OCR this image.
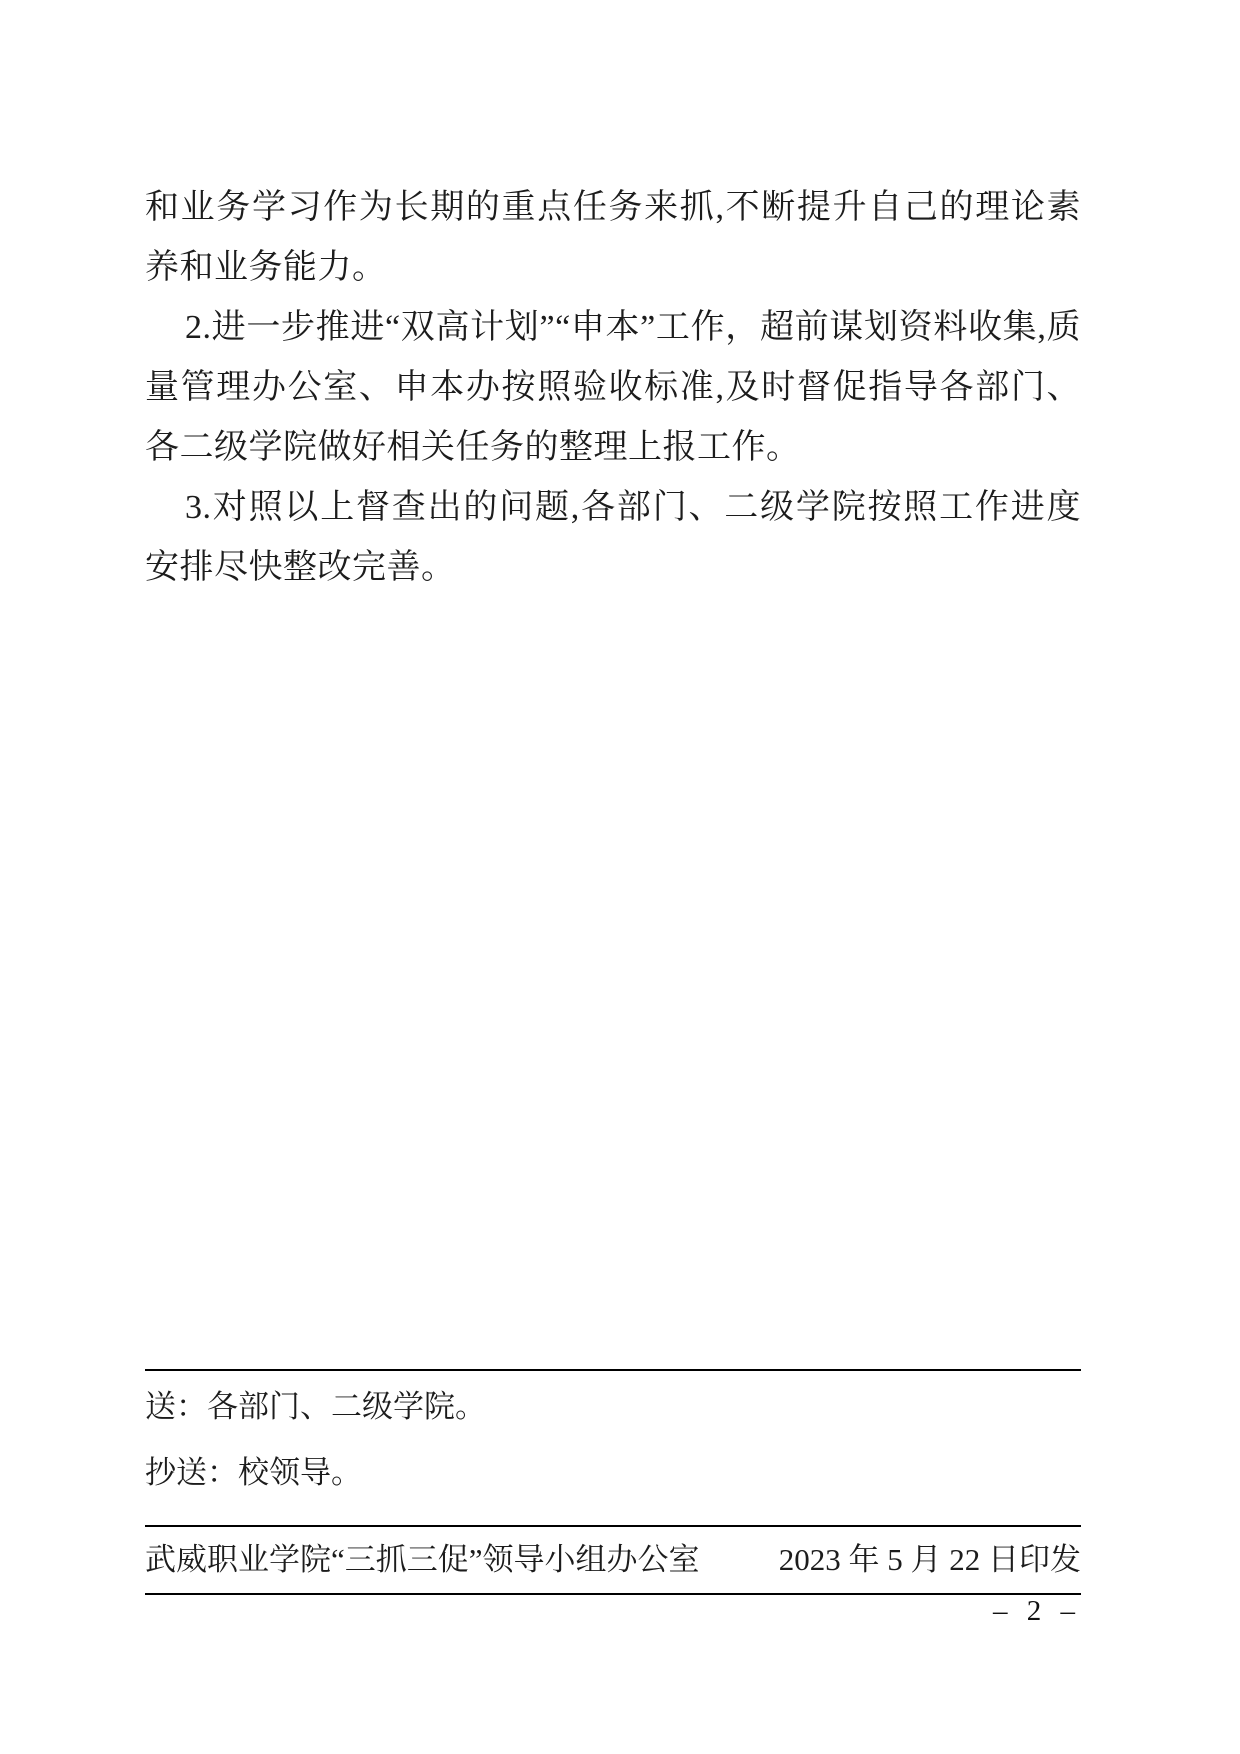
和业务学习作为长期的重点任务来抓,不断提升自己的理论素养和业务能力。

2.进一步推进“双高计划”“申本”工作，超前谋划资料收集,质量管理办公室、申本办按照验收标准,及时督促指导各部门、各二级学院做好相关任务的整理上报工作。

3.对照以上督查出的问题,各部门、二级学院按照工作进度安排尽快整改完善。

送：各部门、二级学院。
抄送：校领导。
武威职业学院“三抓三促”领导小组办公室	2023 年 5 月 22 日印发
– 2 –
